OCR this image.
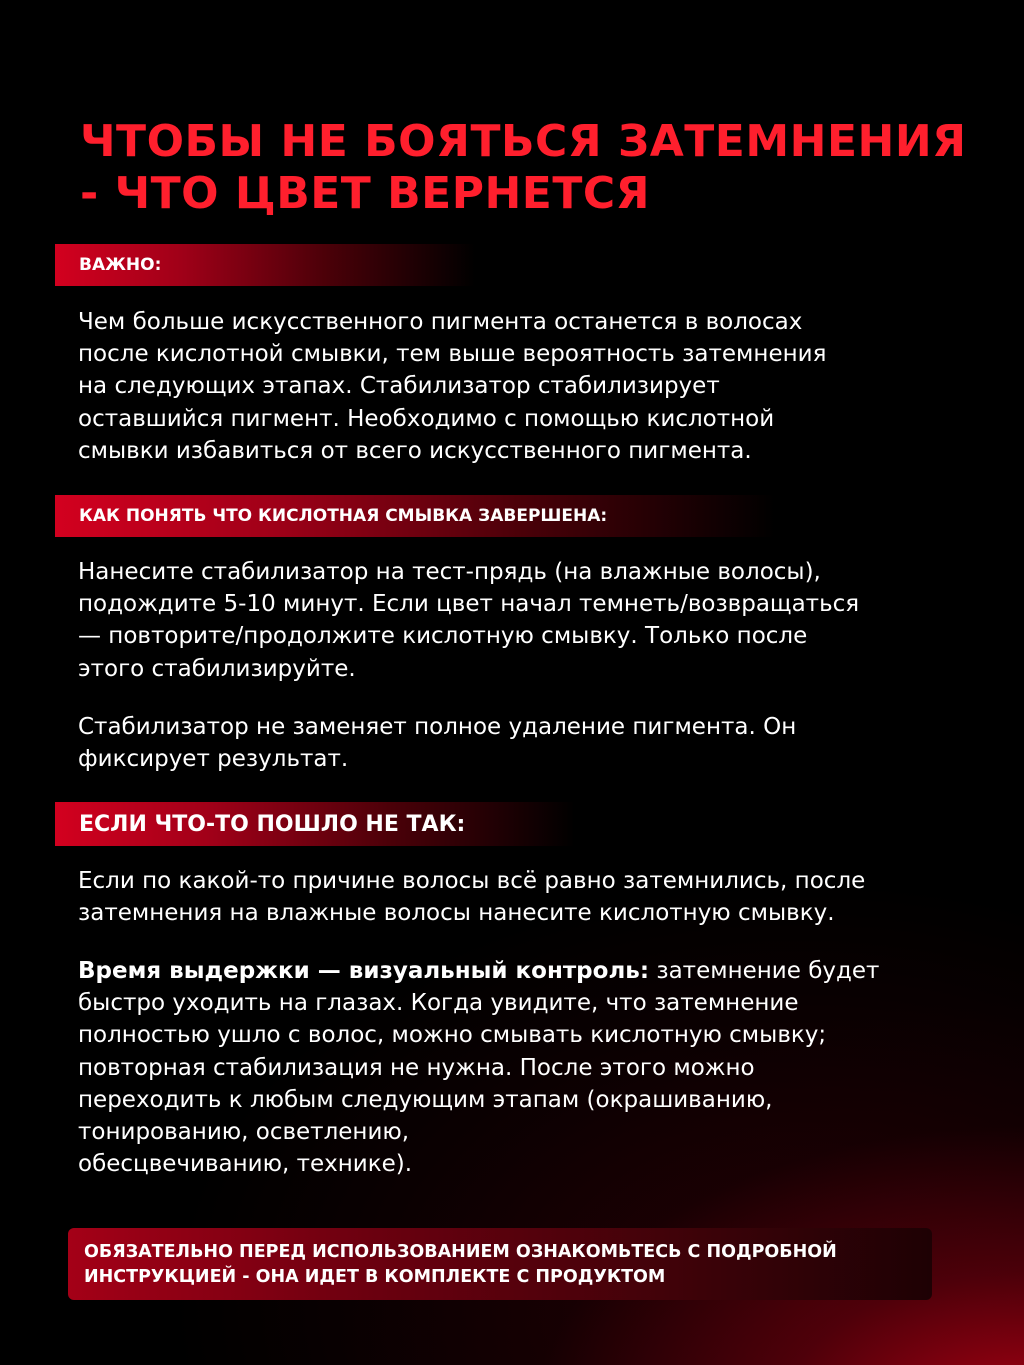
ЧТОБЫ НЕ БОЯТЬСЯ ЗАТЕМНЕНИЯ
- ЧТО ЦВЕТ ВЕРНЕТСЯ
ВАЖНО:

Чем больше искусственного пигмента останется в волосах
после кислотной смывки, тем выше вероятность затемнения
на следующих этапах. Стабилизатор стабилизирует
оставшийся пигмент. Необходимо с помощью кислотной
смывки избавиться от всего искусственного пигмента.

КАК ПОНЯТЬ ЧТО КИСЛОТНАЯ СМЫВКА ЗАВЕРШЕНА:

Нанесите стабилизатор на тест-прядь (на влажные волосы),
подождите 5-10 минут. Если цвет начал темнеть/возвращаться
— повторите/продолжите кислотную смывку. Только после
этого стабилизируйте.

Стабилизатор не заменяет полное удаление пигмента. Он
фиксирует результат.

ЕСЛИ ЧТО-ТО ПОШЛО НЕ ТАК:

Если по какой-то причине волосы всё равно затемнились, после
затемнения на влажные волосы нанесите кислотную смывку.

Время выдержки — визуальный контроль: затемнение будет
быстро уходить на глазах. Когда увидите, что затемнение
полностью ушло с волос, можно смывать кислотную смывку;
повторная стабилизация не нужна. После этого можно
переходить к любым следующим этапам (окрашиванию,
тонированию, осветлению,
обесцвечиванию, технике).

ОБЯЗАТЕЛЬНО ПЕРЕД ИСПОЛЬЗОВАНИЕМ ОЗНАКОМЬТЕСЬ С ПОДРОБНОЙ
ИНСТРУКЦИЕЙ - ОНА ИДЕТ В КОМПЛЕКТЕ С ПРОДУКТОМ
